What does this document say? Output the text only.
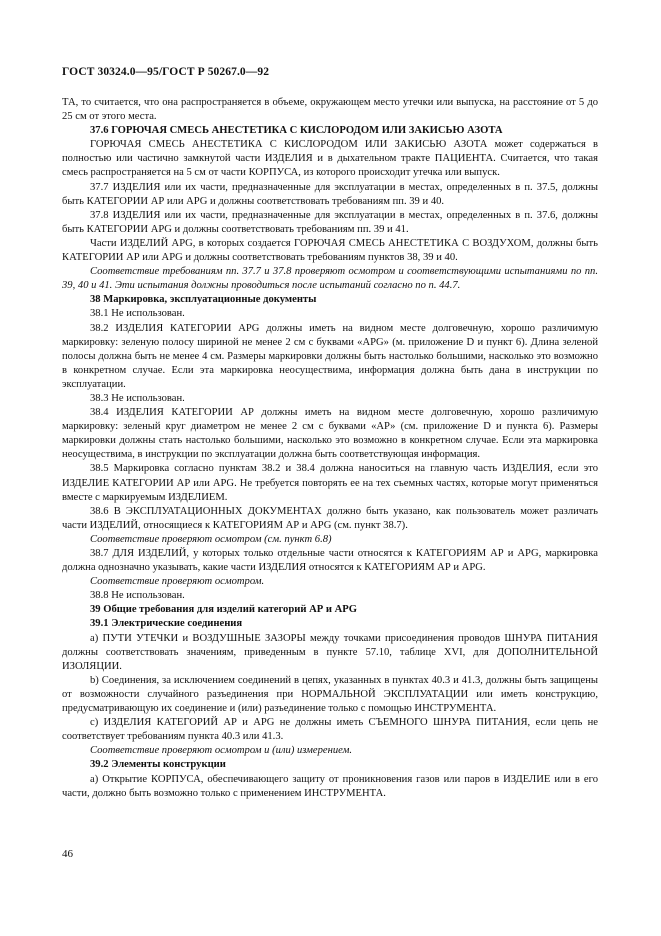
ГОСТ 30324.0—95/ГОСТ Р 50267.0—92

ТА, то считается, что она распространяется в объеме, окружающем место утечки или выпуска, на расстояние от 5 до 25 см от этого места.

37.6 ГОРЮЧАЯ СМЕСЬ АНЕСТЕТИКА С КИСЛОРОДОМ ИЛИ ЗАКИСЬЮ АЗОТА

ГОРЮЧАЯ СМЕСЬ АНЕСТЕТИКА С КИСЛОРОДОМ ИЛИ ЗАКИСЬЮ АЗОТА может содержаться в полностью или частично замкнутой части ИЗДЕЛИЯ и в дыхательном тракте ПАЦИЕНТА. Считается, что такая смесь распространяется на 5 см от части КОРПУСА, из которого происходит утечка или выпуск.

37.7 ИЗДЕЛИЯ или их части, предназначенные для эксплуатации в местах, определенных в п. 37.5, должны быть КАТЕГОРИИ АР или APG и должны соответствовать требованиям пп. 39 и 40.

37.8 ИЗДЕЛИЯ или их части, предназначенные для эксплуатации в местах, определенных в п. 37.6, должны быть КАТЕГОРИИ APG и должны соответствовать требованиям пп. 39 и 41.

Части ИЗДЕЛИЙ APG, в которых создается ГОРЮЧАЯ СМЕСЬ АНЕСТЕТИКА С ВОЗДУХОМ, должны быть КАТЕГОРИИ АР или APG и должны соответствовать требованиям пунктов 38, 39 и 40.

Соответствие требованиям пп. 37.7 и 37.8 проверяют осмотром и соответствующими испытаниями по пп. 39, 40 и 41. Эти испытания должны проводиться после испытаний согласно по п. 44.7.

38 Маркировка, эксплуатационные документы

38.1 Не использован.

38.2 ИЗДЕЛИЯ КАТЕГОРИИ APG должны иметь на видном месте долговечную, хорошо различимую маркировку: зеленую полосу шириной не менее 2 см с буквами «APG» (м. приложение D и пункт 6). Длина зеленой полосы должна быть не менее 4 см. Размеры маркировки должны быть настолько большими, насколько это возможно в конкретном случае. Если эта маркировка неосуществима, информация должна быть дана в инструкции по эксплуатации.

38.3 Не использован.

38.4 ИЗДЕЛИЯ КАТЕГОРИИ АР должны иметь на видном месте долговечную, хорошо различимую маркировку: зеленый круг диаметром не менее 2 см с буквами «АР» (см. приложение D и пункта 6). Размеры маркировки должны стать настолько большими, насколько это возможно в конкретном случае. Если эта маркировка неосуществима, в инструкции по эксплуатации должна быть соответствующая информация.

38.5 Маркировка согласно пунктам 38.2 и 38.4 должна наноситься на главную часть ИЗДЕЛИЯ, если это ИЗДЕЛИЕ КАТЕГОРИИ АР или APG. Не требуется повторять ее на тех съемных частях, которые могут применяться вместе с маркируемым ИЗДЕЛИЕМ.

38.6 В ЭКСПЛУАТАЦИОННЫХ ДОКУМЕНТАХ должно быть указано, как пользователь может различать части ИЗДЕЛИЙ, относящиеся к КАТЕГОРИЯМ АР и APG (см. пункт 38.7).

Соответствие проверяют осмотром (см. пункт 6.8)

38.7 ДЛЯ ИЗДЕЛИЙ, у которых только отдельные части относятся к КАТЕГОРИЯМ АР и APG, маркировка должна однозначно указывать, какие части ИЗДЕЛИЯ относятся к КАТЕГОРИЯМ АР и APG.

Соответствие проверяют осмотром.

38.8 Не использован.

39 Общие требования для изделий категорий АР и APG

39.1 Электрические соединения

а) ПУТИ УТЕЧКИ и ВОЗДУШНЫЕ ЗАЗОРЫ между точками присоединения проводов ШНУРА ПИТАНИЯ должны соответствовать значениям, приведенным в пункте 57.10, таблице XVI, для ДОПОЛНИТЕЛЬНОЙ ИЗОЛЯЦИИ.

b) Соединения, за исключением соединений в цепях, указанных в пунктах 40.3 и 41.3, должны быть защищены от возможности случайного разъединения при НОРМАЛЬНОЙ ЭКСПЛУАТАЦИИ или иметь конструкцию, предусматривающую их соединение и (или) разъединение только с помощью ИНСТРУМЕНТА.

с) ИЗДЕЛИЯ КАТЕГОРИЙ АР и APG не должны иметь СЪЕМНОГО ШНУРА ПИТАНИЯ, если цепь не соответствует требованиям пункта 40.3 или 41.3.

Соответствие проверяют осмотром и (или) измерением.

39.2 Элементы конструкции

а) Открытие КОРПУСА, обеспечивающего защиту от проникновения газов или паров в ИЗДЕЛИЕ или в его части, должно быть возможно только с применением ИНСТРУМЕНТА.

46
